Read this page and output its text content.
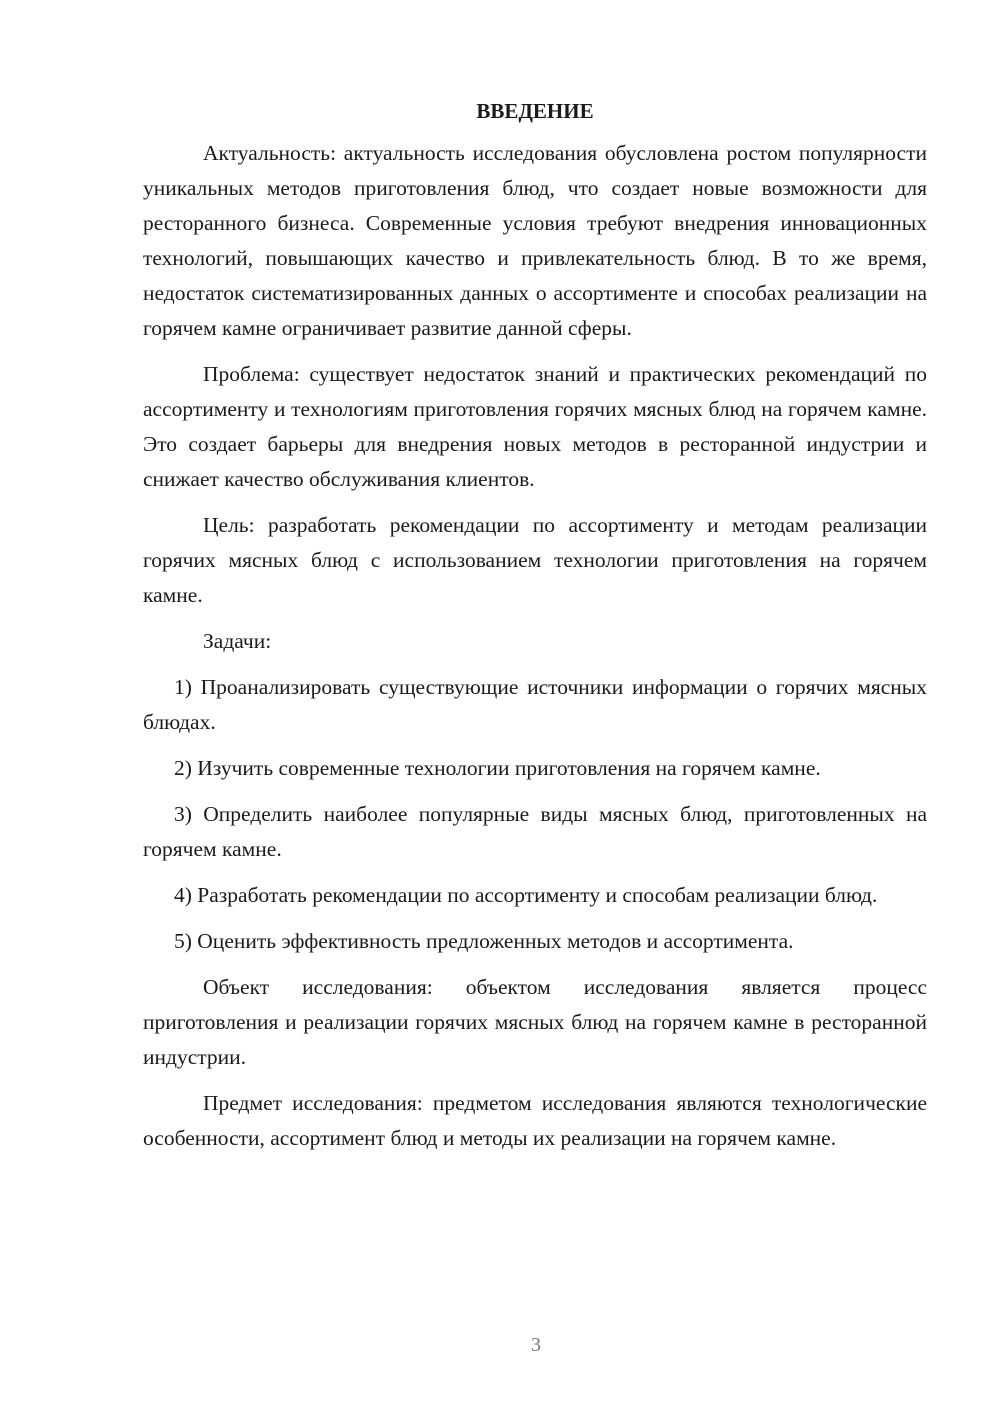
ВВЕДЕНИЕ

Актуальность: актуальность исследования обусловлена ростом популярности уникальных методов приготовления блюд, что создает новые возможности для ресторанного бизнеса. Современные условия требуют внедрения инновационных технологий, повышающих качество и привлекательность блюд. В то же время, недостаток систематизированных данных о ассортименте и способах реализации на горячем камне ограничивает развитие данной сферы.

Проблема: существует недостаток знаний и практических рекомендаций по ассортименту и технологиям приготовления горячих мясных блюд на горячем камне. Это создает барьеры для внедрения новых методов в ресторанной индустрии и снижает качество обслуживания клиентов.

Цель: разработать рекомендации по ассортименту и методам реализации горячих мясных блюд с использованием технологии приготовления на горячем камне.

Задачи:

1) Проанализировать существующие источники информации о горячих мясных блюдах.

2) Изучить современные технологии приготовления на горячем камне.

3) Определить наиболее популярные виды мясных блюд, приготовленных на горячем камне.

4) Разработать рекомендации по ассортименту и способам реализации блюд.

5) Оценить эффективность предложенных методов и ассортимента.

Объект исследования: объектом исследования является процесс приготовления и реализации горячих мясных блюд на горячем камне в ресторанной индустрии.

Предмет исследования: предметом исследования являются технологические особенности, ассортимент блюд и методы их реализации на горячем камне.

3
